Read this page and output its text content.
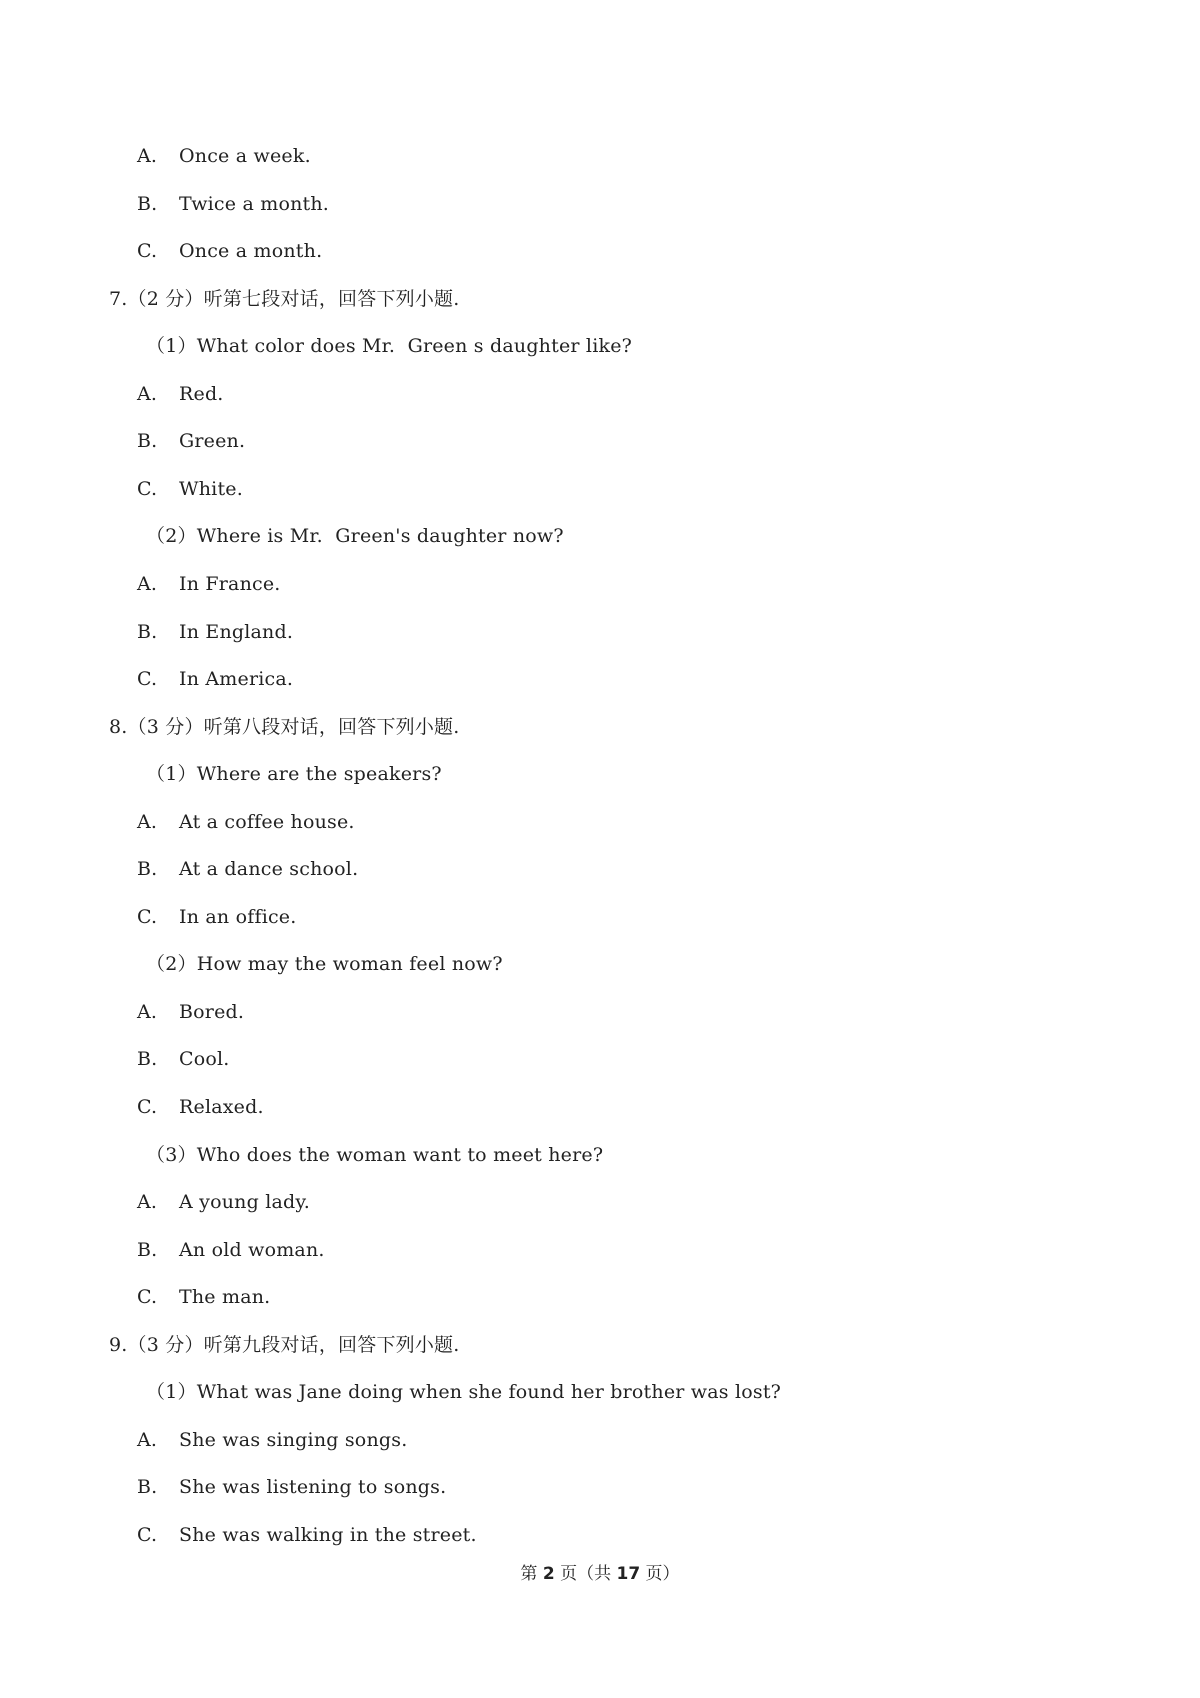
A. Once a week.
B. Twice a month.
C. Once a month.
7.（2 分）听第七段对话，回答下列小题.
（1）What color does Mr.  Green s daughter like?
A. Red.
B. Green.
C. White.
（2）Where is Mr.  Green's daughter now?
A. In France.
B. In England.
C. In America.
8.（3 分）听第八段对话，回答下列小题.
（1）Where are the speakers?
A. At a coffee house.
B. At a dance school.
C. In an office.
（2）How may the woman feel now?
A. Bored.
B. Cool.
C. Relaxed.
（3）Who does the woman want to meet here?
A. A young lady.
B. An old woman.
C. The man.
9.（3 分）听第九段对话，回答下列小题.
（1）What was Jane doing when she found her brother was lost?
A. She was singing songs.
B. She was listening to songs.
C. She was walking in the street.
第 2 页（共 17 页）
